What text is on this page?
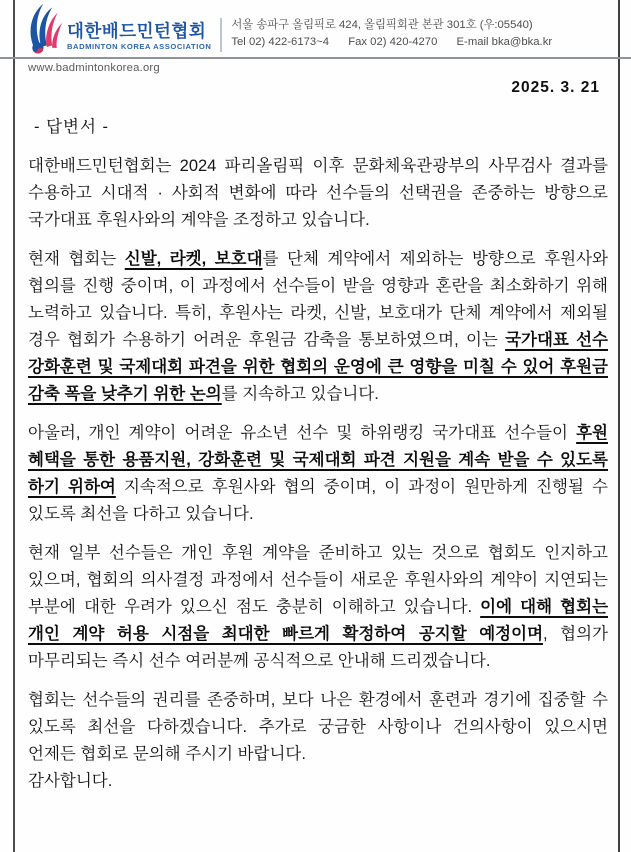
대한배드민턴협회
BADMINTON KOREA ASSOCIATION
서울 송파구 올림픽로 424, 올림픽회관 본관 301호 (우:05540)
Tel 02) 422-6173~4 Fax 02) 420-4270 E-mail bka@bka.kr
www.badmintonkorea.org
2025. 3. 21

- 답변서 -

대한배드민턴협회는 2024 파리올림픽 이후 문화체육관광부의 사무검사 결과를 수용하고 시대적 · 사회적 변화에 따라 선수들의 선택권을 존중하는 방향으로 국가대표 후원사와의 계약을 조정하고 있습니다.

현재 협회는 신발, 라켓, 보호대를 단체 계약에서 제외하는 방향으로 후원사와 협의를 진행 중이며, 이 과정에서 선수들이 받을 영향과 혼란을 최소화하기 위해 노력하고 있습니다. 특히, 후원사는 라켓, 신발, 보호대가 단체 계약에서 제외될 경우 협회가 수용하기 어려운 후원금 감축을 통보하였으며, 이는 국가대표 선수 강화훈련 및 국제대회 파견을 위한 협회의 운영에 큰 영향을 미칠 수 있어 후원금 감축 폭을 낮추기 위한 논의를 지속하고 있습니다.

아울러, 개인 계약이 어려운 유소년 선수 및 하위랭킹 국가대표 선수들이 후원 혜택을 통한 용품지원, 강화훈련 및 국제대회 파견 지원을 계속 받을 수 있도록 하기 위하여 지속적으로 후원사와 협의 중이며, 이 과정이 원만하게 진행될 수 있도록 최선을 다하고 있습니다.

현재 일부 선수들은 개인 후원 계약을 준비하고 있는 것으로 협회도 인지하고 있으며, 협회의 의사결정 과정에서 선수들이 새로운 후원사와의 계약이 지연되는 부분에 대한 우려가 있으신 점도 충분히 이해하고 있습니다. 이에 대해 협회는 개인 계약 허용 시점을 최대한 빠르게 확정하여 공지할 예정이며, 협의가 마무리되는 즉시 선수 여러분께 공식적으로 안내해 드리겠습니다.

협회는 선수들의 권리를 존중하며, 보다 나은 환경에서 훈련과 경기에 집중할 수 있도록 최선을 다하겠습니다. 추가로 궁금한 사항이나 건의사항이 있으시면 언제든 협회로 문의해 주시기 바랍니다.

감사합니다.
